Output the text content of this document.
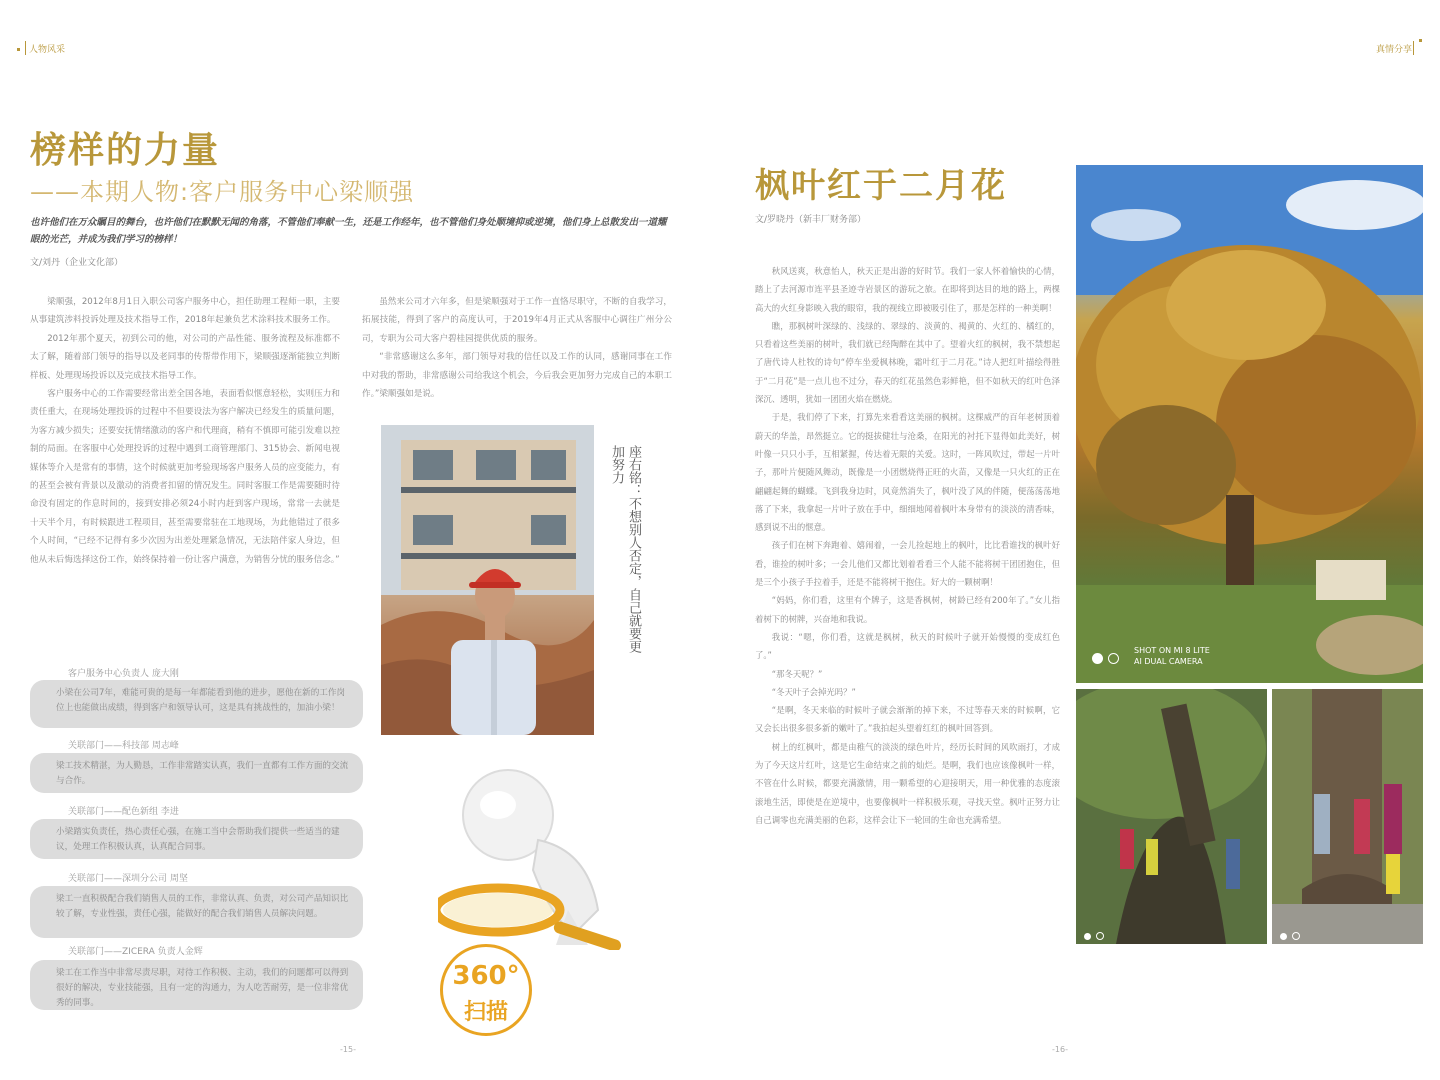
人物风采
榜样的力量
——本期人物:客户服务中心梁顺强
也许他们在万众瞩目的舞台，也许他们在默默无闻的角落，不管他们奉献一生，还是工作经年，也不管他们身处顺境抑或逆境，他们身上总散发出一道耀眼的光芒，并成为我们学习的榜样！
文/刘丹（企业文化部）

梁顺强，2012年8月1日入职公司客户服务中心，担任助理工程师一职，主要从事建筑涉料投诉处理及技术指导工作，2018年起兼负艺术涂料技术服务工作。

2012年那个夏天，初到公司的他，对公司的产品性能、服务流程及标准都不太了解，随着部门领导的指导以及老同事的传帮带作用下，梁顺强逐渐能独立判断样板、处理现场投诉以及完成技术指导工作。

客户服务中心的工作需要经常出差全国各地，表面看似惬意轻松，实则压力和责任重大，在现场处理投诉的过程中不但要设法为客户解决已经发生的质量问题，为客方减少损失；还要安抚情绪激动的客户和代理商，稍有不慎即可能引发难以控制的局面。在客服中心处理投诉的过程中遇到工商管理部门、315协会、新闻电视媒体等介入是常有的事情，这个时候就更加考验现场客户服务人员的应变能力，有的甚至会被有背景以及激动的消费者扣留的情况发生。同时客服工作是需要随时待命没有固定的作息时间的，接到安排必须24小时内赶到客户现场，常常一去就是十天半个月，有时候跟进工程项目，甚至需要常驻在工地现场，为此他错过了很多个人时间，“已经不记得有多少次因为出差处理紧急情况，无法陪伴家人身边，但他从未后悔选择这份工作，始终保持着一份让客户满意，为销售分忧的服务信念。”

虽然来公司才六年多，但是梁顺强对于工作一直恪尽职守，不断的自我学习，拓展技能，得到了客户的高度认可，于2019年4月正式从客服中心调往广州分公司，专职为公司大客户碧桂园提供优质的服务。

“非常感谢这么多年，部门领导对我的信任以及工作的认同，感谢同事在工作中对我的帮助，非常感谢公司给我这个机会，今后我会更加努力完成自己的本职工作。”梁顺强如是说。

座右铭：不想别人否定，自己就要更加努力
客户服务中心负责人 庞大刚
小梁在公司7年，难能可贵的是每一年都能看到他的进步，愿他在新的工作岗位上也能做出成绩，得到客户和领导认可，这是具有挑战性的，加油小梁！
关联部门——科技部 周志峰
梁工技术精湛，为人勤恳，工作非常踏实认真，我们一直都有工作方面的交流与合作。
关联部门——配色新组 李进
小梁踏实负责任，热心责任心强，在施工当中会帮助我们提供一些适当的建议，处理工作积极认真，认真配合同事。
关联部门——深圳分公司 周坚
梁工一直积极配合我们销售人员的工作，非常认真、负责，对公司产品知识比较了解，专业性强，责任心强，能做好的配合我们销售人员解决问题。
关联部门——ZICERA 负责人金辉
梁工在工作当中非常尽责尽职，对待工作积极、主动，我们的问题都可以得到很好的解决，专业技能强，且有一定的沟通力，为人吃苦耐劳，是一位非常优秀的同事。
360°
扫描
-15-
真情分享
枫叶红于二月花
文/罗晓丹（新丰厂财务部）

秋风送爽，秋意怡人，秋天正是出游的好时节。我们一家人怀着愉快的心情，踏上了去河源市连平县圣迹寺岩景区的游玩之旅。在即将到达目的地的路上，两棵高大的火红身影映入我的眼帘，我的视线立即被吸引住了，那是怎样的一种美啊！

瞧，那枫树叶深绿的、浅绿的、翠绿的、淡黄的、褐黄的、火红的、橘红的，只看着这些美丽的树叶，我们就已经陶醉在其中了。望着火红的枫树，我不禁想起了唐代诗人杜牧的诗句“停车坐爱枫林晚，霜叶红于二月花。”诗人把红叶描绘得胜于“二月花”是一点儿也不过分，春天的红花虽然色彩鲜艳，但不如秋天的红叶色泽深沉、透明，犹如一团团火焰在燃烧。

于是，我们停了下来，打算先来看看这美丽的枫树。这棵威严的百年老树顶着蔚天的华盖，昂然挺立。它的挺拔健壮与沧桑，在阳光的衬托下显得如此美好，树叶像一只只小手，互相紧握，传达着无限的关爱。这时，一阵风吹过，带起一片叶子，那叶片便随风舞动，既像是一小团燃烧得正旺的火苗，又像是一只火红的正在翩翩起舞的蝴蝶。飞到我身边时，风竟然消失了，枫叶没了风的伴随，便荡荡荡地落了下来，我拿起一片叶子放在手中，细细地闻着枫叶本身带有的淡淡的清香味，感到说不出的惬意。

孩子们在树下奔跑着、嬉闹着，一会儿捡起地上的枫叶，比比看谁找的枫叶好看，谁捡的树叶多；一会儿他们又都比划着看看三个人能不能将树干团团抱住，但是三个小孩子手拉着手，还是不能将树干抱住。好大的一颗树啊！

“妈妈，你们看，这里有个牌子，这是香枫树，树龄已经有200年了。”女儿指着树下的树牌，兴奋地和我说。

我说：“嗯，你们看，这就是枫树，秋天的时候叶子就开始慢慢的变成红色了。”

“那冬天呢？”

“冬天叶子会掉光吗？”

“是啊，冬天来临的时候叶子就会渐渐的掉下来，不过等春天来的时候啊，它又会长出很多很多新的嫩叶了。”我拍起头望着红红的枫叶回答到。

树上的红枫叶，都是由稚气的淡淡的绿色叶片，经历长时间的风吹雨打，才成为了今天这片红叶，这是它生命结束之前的灿烂。是啊，我们也应该像枫叶一样，不管在什么时候，都要充满激情，用一颗希望的心迎接明天，用一种优雅的态度滚滚地生活，即使是在逆境中，也要像枫叶一样积极乐观，寻找天堂。枫叶正努力让自己调零也充满美丽的色彩，这样会让下一轮回的生命也充满希望。

SHOT ON MI 8 LITE
AI DUAL CAMERA

-16-
